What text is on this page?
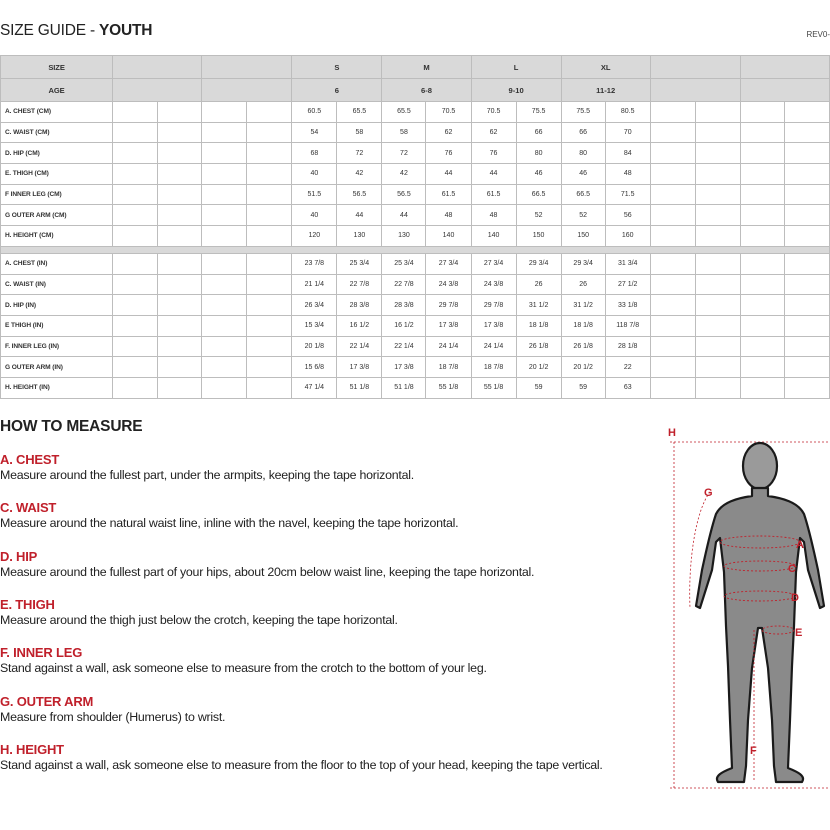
SIZE GUIDE - YOUTH	REV0-
SIZE					S		M		L		XL					
AGE					6		6-8		9-10		11-12					
A. CHEST (CM)					60.5	65.5	65.5	70.5	70.5	75.5	75.5	80.5				
C. WAIST (CM)					54	58	58	62	62	66	66	70				
D. HIP (CM)					68	72	72	76	76	80	80	84				
E. THIGH (CM)					40	42	42	44	44	46	46	48				
F INNER LEG (CM)					51.5	56.5	56.5	61.5	61.5	66.5	66.5	71.5				
G OUTER ARM (CM)					40	44	44	48	48	52	52	56				
H. HEIGHT (CM)					120	130	130	140	140	150	150	160				

A. CHEST (IN)					23 7/8	25 3/4	25 3/4	27 3/4	27 3/4	29 3/4	29 3/4	31 3/4				
C. WAIST (IN)					21 1/4	22 7/8	22 7/8	24 3/8	24 3/8	26	26	27 1/2				
D. HIP (IN)					26 3/4	28 3/8	28 3/8	29 7/8	29 7/8	31 1/2	31 1/2	33 1/8				
E THIGH (IN)					15 3/4	16 1/2	16 1/2	17 3/8	17 3/8	18 1/8	18 1/8	118 7/8				
F. INNER LEG (IN)					20 1/8	22 1/4	22 1/4	24 1/4	24 1/4	26 1/8	26 1/8	28 1/8				
G OUTER ARM (IN)					15 6/8	17 3/8	17 3/8	18 7/8	18 7/8	20 1/2	20 1/2	22				
H. HEIGHT (IN)					47 1/4	51 1/8	51 1/8	55 1/8	55 1/8	59	59	63				
HOW TO MEASURE
A. CHEST
Measure around the fullest part, under the armpits, keeping the tape horizontal.
C. WAIST
Measure around the natural waist line, inline with the navel, keeping the tape horizontal.
D. HIP
Measure around the fullest part of your hips, about 20cm below waist line, keeping the tape horizontal.
E. THIGH
Measure around the thigh just below the crotch, keeping the tape horizontal.
F. INNER LEG
Stand against a wall, ask someone else to measure from the crotch to the bottom of your leg.
G. OUTER ARM
Measure from shoulder (Humerus) to wrist.
H. HEIGHT
Stand against a wall, ask someone else to measure from the floor to the top of your head, keeping the tape vertical.
H
G
A
C
D
E
F
